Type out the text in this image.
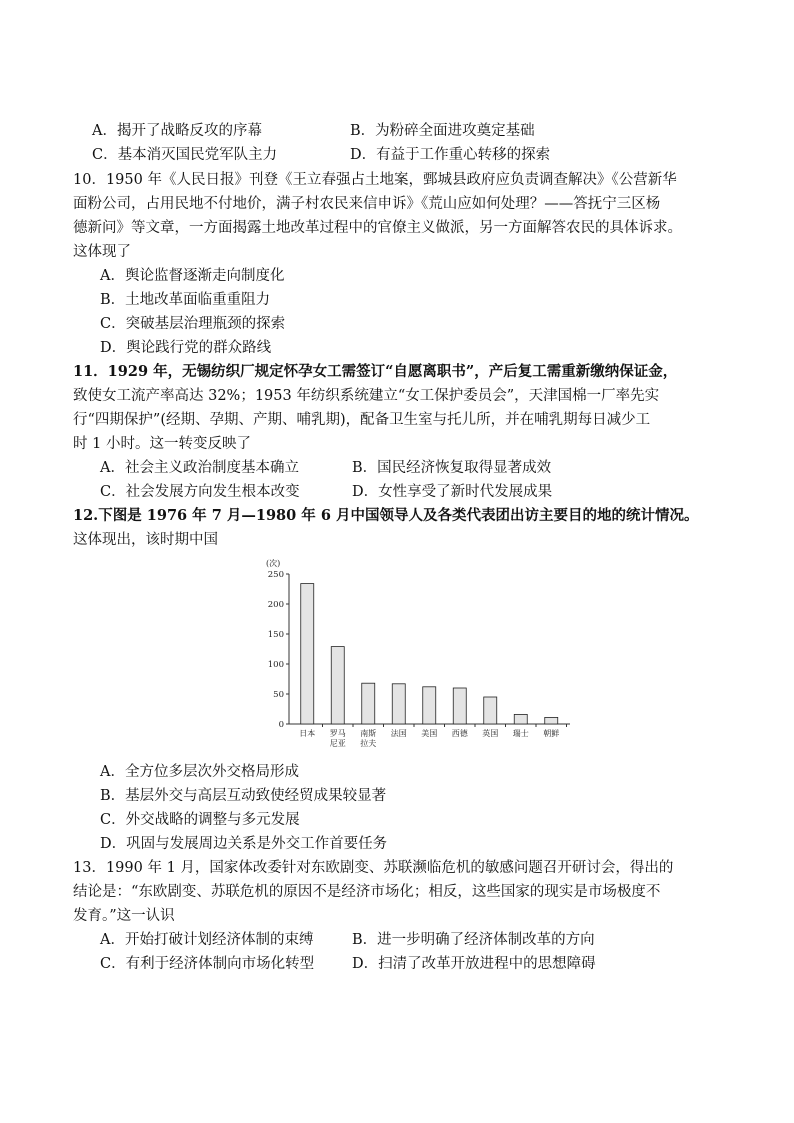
A．揭开了战略反攻的序幕	B．为粉碎全面进攻奠定基础
C．基本消灭国民党军队主力	D．有益于工作重心转移的探索
10．1950 年《人民日报》刊登《王立春强占土地案，鄄城县政府应负责调查解决》《公营新华
面粉公司，占用民地不付地价，满子村农民来信申诉》《荒山应如何处理？——答抚宁三区杨
德新问》等文章，一方面揭露土地改革过程中的官僚主义做派，另一方面解答农民的具体诉求。
这体现了
A．舆论监督逐渐走向制度化
B．土地改革面临重重阻力
C．突破基层治理瓶颈的探索
D．舆论践行党的群众路线
11．1929 年，无锡纺织厂规定怀孕女工需签订“自愿离职书”，产后复工需重新缴纳保证金，
致使女工流产率高达 32%；1953 年纺织系统建立“女工保护委员会”，天津国棉一厂率先实
行“四期保护”(经期、孕期、产期、哺乳期)，配备卫生室与托儿所，并在哺乳期每日减少工
时 1 小时。这一转变反映了
A．社会主义政治制度基本确立	B．国民经济恢复取得显著成效
C．社会发展方向发生根本改变	D．女性享受了新时代发展成果
12.下图是 1976 年 7 月—1980 年 6 月中国领导人及各类代表团出访主要目的地的统计情况。
这体现出，该时期中国
(次)
0
50
100
150
200
250
日本 罗马
尼亚
南斯
拉夫
法国 美国 西德 英国 瑞士 朝鲜
A．全方位多层次外交格局形成
B．基层外交与高层互动致使经贸成果较显著
C．外交战略的调整与多元发展
D．巩固与发展周边关系是外交工作首要任务
13．1990 年 1 月，国家体改委针对东欧剧变、苏联濒临危机的敏感问题召开研讨会，得出的
结论是：“东欧剧变、苏联危机的原因不是经济市场化；相反，这些国家的现实是市场极度不
发育。”这一认识
A．开始打破计划经济体制的束缚	B．进一步明确了经济体制改革的方向
C．有利于经济体制向市场化转型	D．扫清了改革开放进程中的思想障碍
